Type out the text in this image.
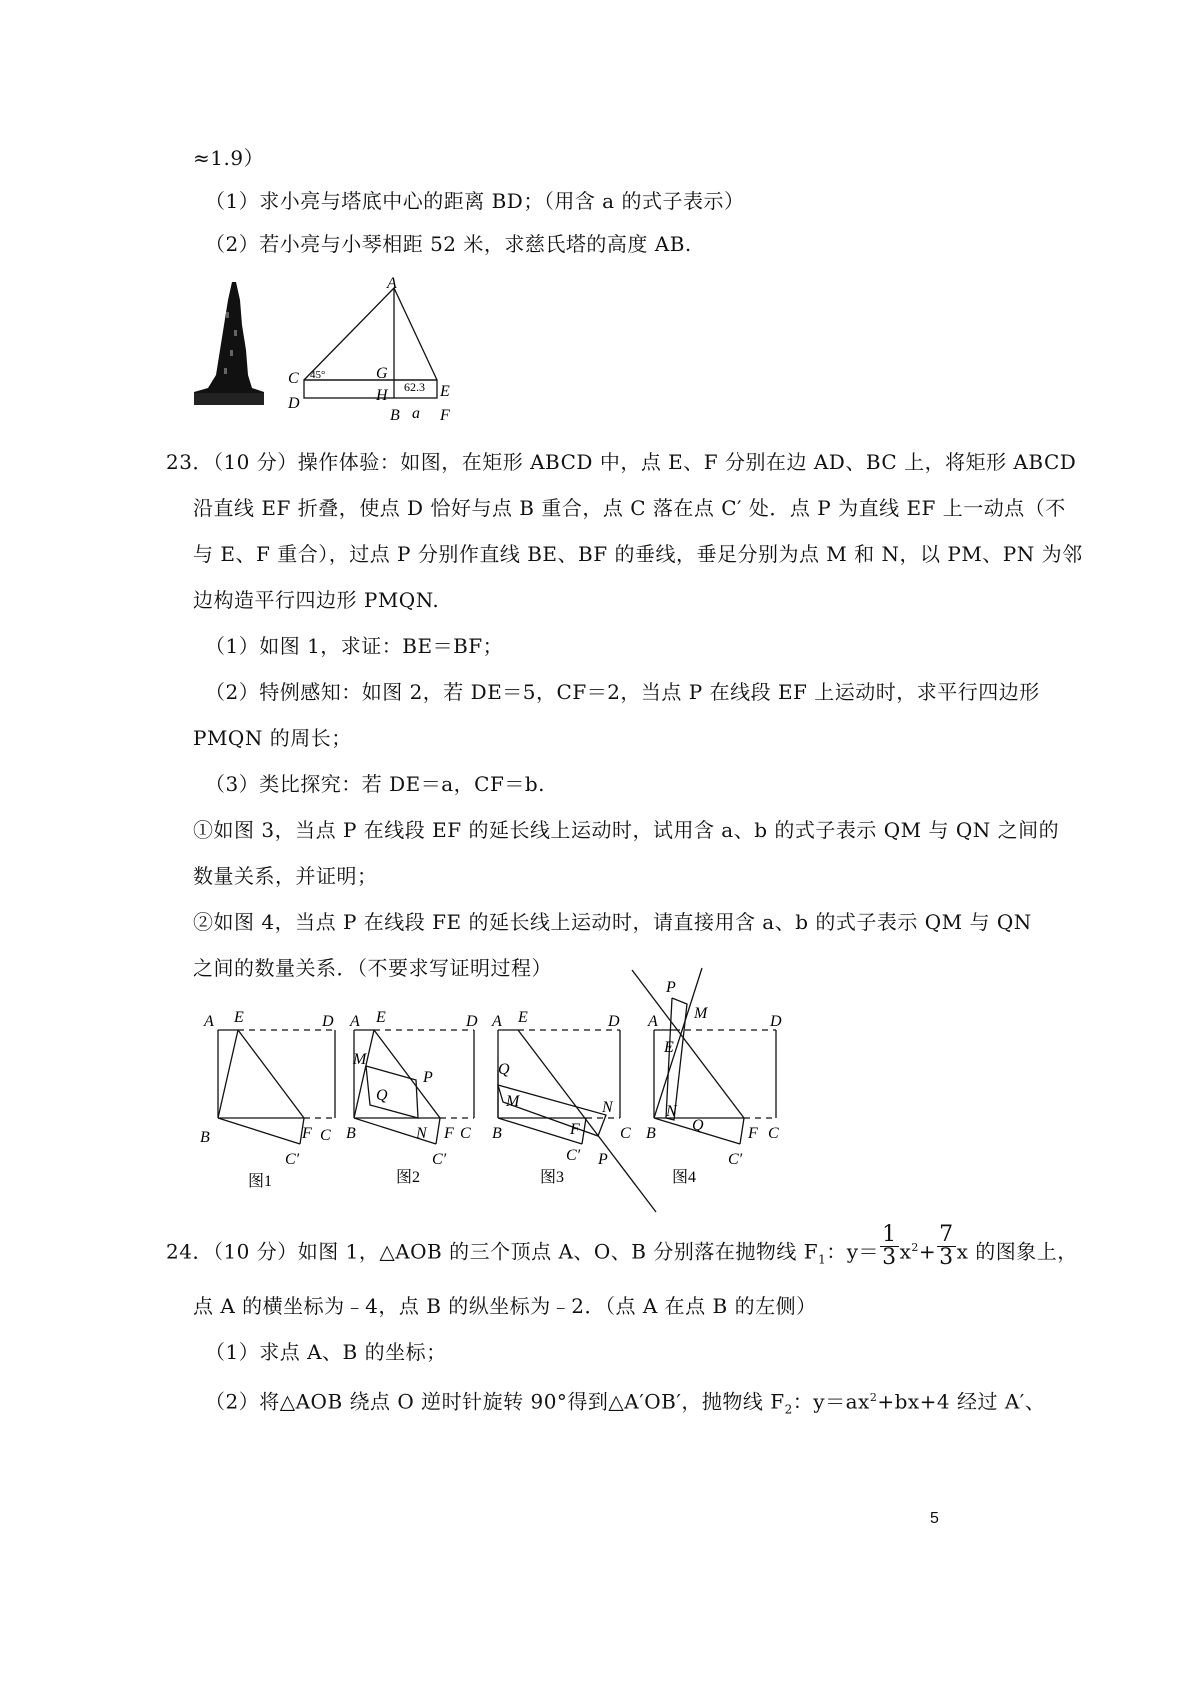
≈1.9）
（1）求小亮与塔底中心的距离 BD；（用含 a 的式子表示）
（2）若小亮与小琴相距 52 米，求慈氏塔的高度 AB.
A
C
D
G
H
B
E
F
45°
62.3
a
23．（10 分）操作体验：如图，在矩形 ABCD 中，点 E、F 分别在边 AD、BC 上，将矩形 ABCD
沿直线 EF 折叠，使点 D 恰好与点 B 重合，点 C 落在点 C′ 处．点 P 为直线 EF 上一动点（不
与 E、F 重合），过点 P 分别作直线 BE、BF 的垂线，垂足分别为点 M 和 N，以 PM、PN 为邻
边构造平行四边形 PMQN.
（1）如图 1，求证：BE＝BF；
（2）特例感知：如图 2，若 DE＝5，CF＝2，当点 P 在线段 EF 上运动时，求平行四边形
PMQN 的周长；
（3）类比探究：若 DE＝a，CF＝b.
①如图 3，当点 P 在线段 EF 的延长线上运动时，试用含 a、b 的式子表示 QM 与 QN 之间的
数量关系，并证明；
②如图 4，当点 P 在线段 FE 的延长线上运动时，请直接用含 a、b 的式子表示 QM 与 QN
之间的数量关系．（不要求写证明过程）
A E	D
B	F C
C′
图1
A E	D
M
P
Q
B	N F C
C′
图2
A E	D
Q
M
B
N
F	C
C′ P
图3
P
M
A
E
D
N
Q
B	F C
C′
图4
24．（10 分）如图 1，△AOB 的三个顶点 A、O、B 分别落在抛物线 $F_1$：$y= \frac{1}{3} x^2+ \frac{7}{3}$ x 的图象上，
点 A 的横坐标为﹣4，点 B 的纵坐标为﹣2．（点 A 在点 B 的左侧）
（1）求点 A、B 的坐标；
（2）将△AOB 绕点 O 逆时针旋转 90°得到△A′OB′，抛物线 $F_2$：$y=ax^2+bx+4$ 经过 A′、
5
